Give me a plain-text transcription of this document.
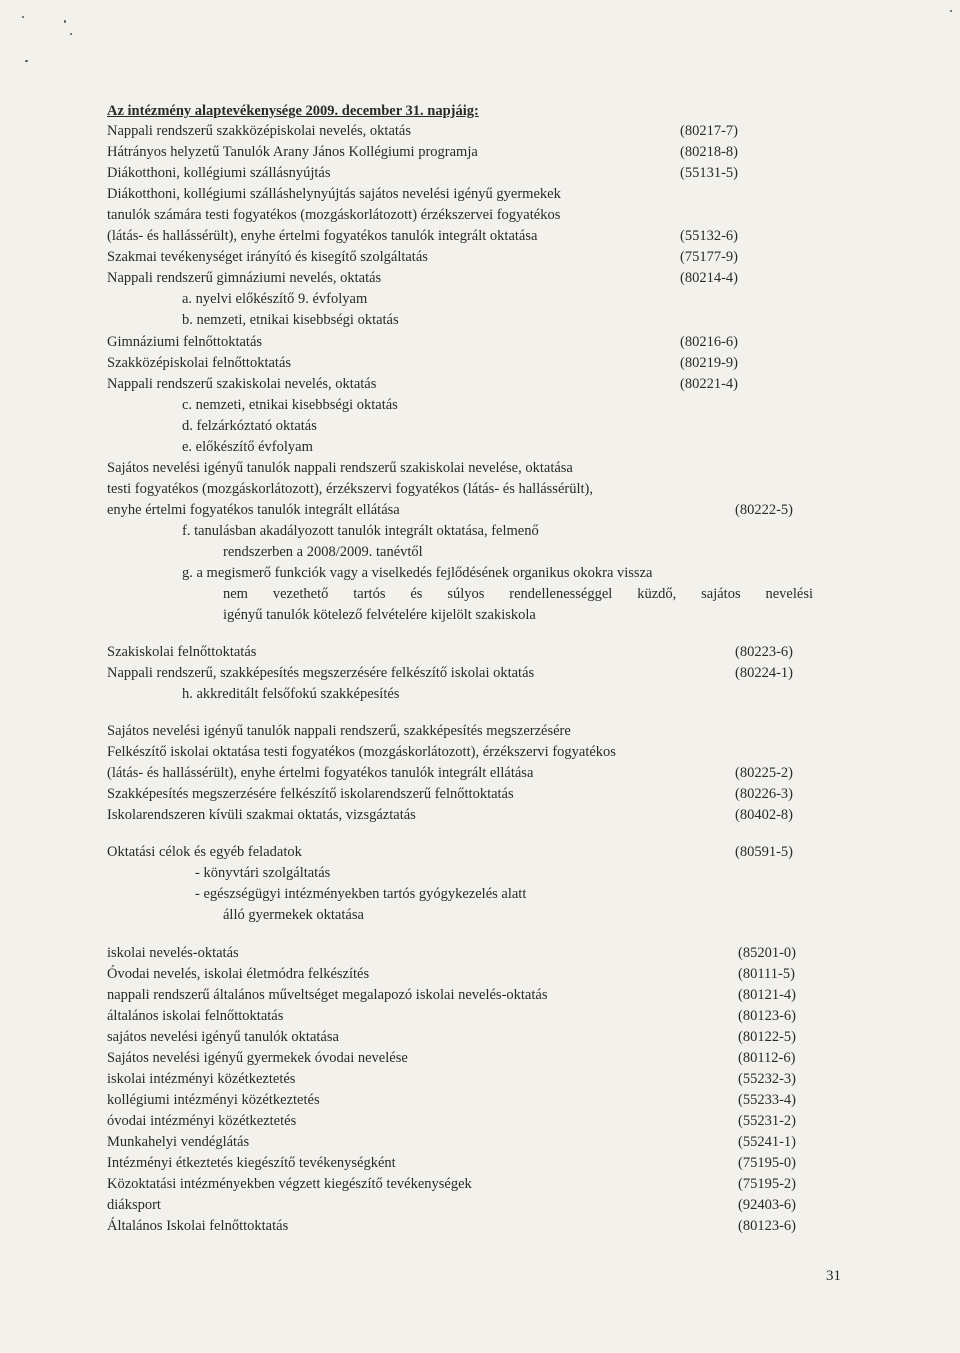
Az intézmény alaptevékenysége 2009. december 31. napjáig:
Nappali rendszerű szakközépiskolai nevelés, oktatás	(80217-7)
Hátrányos helyzetű Tanulók Arany János Kollégiumi programja	(80218-8)
Diákotthoni, kollégiumi szállásnyújtás	(55131-5)
Diákotthoni, kollégiumi szálláshelynyújtás sajátos nevelési igényű gyermekek
tanulók számára testi fogyatékos (mozgáskorlátozott) érzékszervei fogyatékos
(látás- és hallássérült), enyhe értelmi fogyatékos tanulók integrált oktatása	(55132-6)
Szakmai tevékenységet irányító és kisegítő szolgáltatás	(75177-9)
Nappali rendszerű gimnáziumi nevelés, oktatás	(80214-4)
a. nyelvi előkészítő 9. évfolyam
b. nemzeti, etnikai kisebbségi oktatás
Gimnáziumi felnőttoktatás	(80216-6)
Szakközépiskolai felnőttoktatás	(80219-9)
Nappali rendszerű szakiskolai nevelés, oktatás	(80221-4)
c. nemzeti, etnikai kisebbségi oktatás
d. felzárkóztató oktatás
e. előkészítő évfolyam
Sajátos nevelési igényű tanulók nappali rendszerű szakiskolai nevelése, oktatása
testi fogyatékos (mozgáskorlátozott), érzékszervi fogyatékos (látás- és hallássérült),
enyhe értelmi fogyatékos tanulók integrált ellátása	(80222-5)
f. tanulásban akadályozott tanulók integrált oktatása, felmenő
rendszerben a 2008/2009. tanévtől
g. a megismerő funkciók vagy a viselkedés fejlődésének organikus okokra vissza
nem vezethető tartós és súlyos rendellenességgel küzdő, sajátos nevelési
igényű tanulók kötelező felvételére kijelölt szakiskola
Szakiskolai felnőttoktatás	(80223-6)
Nappali rendszerű, szakképesítés megszerzésére felkészítő iskolai oktatás	(80224-1)
h. akkreditált felsőfokú szakképesítés
Sajátos nevelési igényű tanulók nappali rendszerű, szakképesítés megszerzésére
Felkészítő iskolai oktatása testi fogyatékos (mozgáskorlátozott), érzékszervi fogyatékos
(látás- és hallássérült), enyhe értelmi fogyatékos tanulók integrált ellátása	(80225-2)
Szakképesítés megszerzésére felkészítő iskolarendszerű felnőttoktatás	(80226-3)
Iskolarendszeren kívüli szakmai oktatás, vizsgáztatás	(80402-8)
Oktatási célok és egyéb feladatok	(80591-5)
- könyvtári szolgáltatás
- egészségügyi intézményekben tartós gyógykezelés alatt
álló gyermekek oktatása
iskolai nevelés-oktatás	(85201-0)
Óvodai nevelés, iskolai életmódra felkészítés	(80111-5)
nappali rendszerű általános műveltséget megalapozó iskolai nevelés-oktatás	(80121-4)
általános iskolai felnőttoktatás	(80123-6)
sajátos nevelési igényű tanulók oktatása	(80122-5)
Sajátos nevelési igényű gyermekek óvodai nevelése	(80112-6)
iskolai intézményi közétkeztetés	(55232-3)
kollégiumi intézményi közétkeztetés	(55233-4)
óvodai intézményi közétkeztetés	(55231-2)
Munkahelyi vendéglátás	(55241-1)
Intézményi étkeztetés kiegészítő tevékenységként	(75195-0)
Közoktatási intézményekben végzett kiegészítő tevékenységek	(75195-2)
diáksport	(92403-6)
Általános Iskolai felnőttoktatás	(80123-6)
31
